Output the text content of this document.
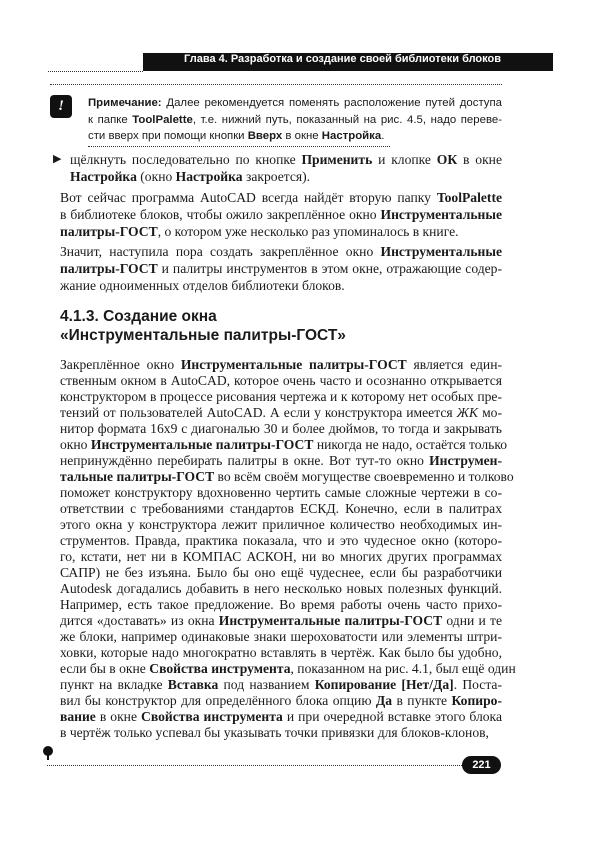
Глава 4. Разработка и создание своей библиотеки блоков
!	Примечание: Далее рекомендуется поменять расположение путей доступа
к папке ToolPalette, т.е. нижний путь, показанный на рис. 4.5, надо переве-
сти вверх при помощи кнопки Вверх в окне Настройка.
▶ щёлкнуть последовательно по кнопке Применить и клопке ОК в окне
Настройка (окно Настройка закроется).
Вот сейчас программа AutoCAD всегда найдёт вторую папку ToolPalette
в библиотеке блоков, чтобы ожило закреплённое окно Инструментальные
палитры-ГОСТ, о котором уже несколько раз упоминалось в книге.
Значит, наступила пора создать закреплённое окно Инструментальные
палитры-ГОСТ и палитры инструментов в этом окне, отражающие содер-
жание одноименных отделов библиотеки блоков.
4.1.3. Создание окна
«Инструментальные палитры-ГОСТ»
Закреплённое окно Инструментальные палитры-ГОСТ является един-
ственным окном в AutoCAD, которое очень часто и осознанно открывается
конструктором в процессе рисования чертежа и к которому нет особых пре-
тензий от пользователей AutoCAD. А если у конструктора имеется ЖК мо-
нитор формата 16x9 с диагональю 30 и более дюймов, то тогда и закрывать
окно Инструментальные палитры-ГОСТ никогда не надо, остаётся только
непринуждённо перебирать палитры в окне. Вот тут-то окно Инструмен-
тальные палитры-ГОСТ во всём своём могуществе своевременно и толково
поможет конструктору вдохновенно чертить самые сложные чертежи в со-
ответствии с требованиями стандартов ЕСКД. Конечно, если в палитрах
этого окна у конструктора лежит приличное количество необходимых ин-
струментов. Правда, практика показала, что и это чудесное окно (которо-
го, кстати, нет ни в КОМПАС АСКОН, ни во многих других программах
САПР) не без изъяна. Было бы оно ещё чудеснее, если бы разработчики
Autodesk догадались добавить в него несколько новых полезных функций.
Например, есть такое предложение. Во время работы очень часто прихо-
дится «доставать» из окна Инструментальные палитры-ГОСТ одни и те
же блоки, например одинаковые знаки шероховатости или элементы штри-
ховки, которые надо многократно вставлять в чертёж. Как было бы удобно,
если бы в окне Свойства инструмента, показанном на рис. 4.1, был ещё один
пункт на вкладке Вставка под названием Копирование [Нет/Да]. Поста-
вил бы конструктор для определённого блока опцию Да в пункте Копиро-
вание в окне Свойства инструмента и при очередной вставке этого блока
в чертёж только успевал бы указывать точки привязки для блоков-клонов,
221
